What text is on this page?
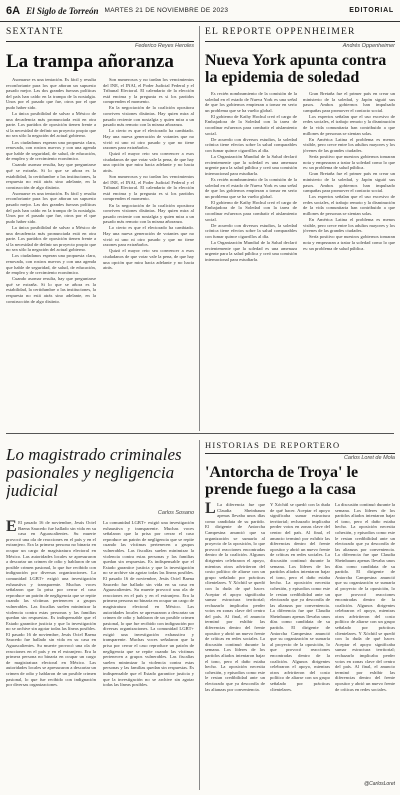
6A El Siglo de Torreón MARTES 21 DE NOVIEMBRE DE 2023	EDITORIAL
SEXTANTE
Federico Reyes Heroles
La trampa añoranza

Asomarse es una tentación. Es fácil y resulta reconfortante para los que añoran un supuesto pasado mejor. Las dos grandes fuerzas políticas del país han caído en la trampa de la nostalgia. Unos por el pasado que fue, otros por el que pudo haber sido.

La única posibilidad de salvar a México de una decadencia más pronunciada está en otra parte. Los partidos de oposición tienen frente a sí la necesidad de definir un proyecto propio que no sea sólo la negación del actual gobierno.

Los ciudadanos esperan una propuesta clara, renovada, con rostros nuevos y con una agenda que hable de seguridad, de salud, de educación, de empleo y de crecimiento económico.

Cuando asomar resulta, hay que preguntarse qué se extraña. Si lo que se añora es la estabilidad, la certidumbre o las instituciones, la respuesta no está atrás sino adelante, en la construcción de algo distinto.

Asomarse es una tentación. Es fácil y resulta reconfortante para los que añoran un supuesto pasado mejor. Las dos grandes fuerzas políticas del país han caído en la trampa de la nostalgia. Unos por el pasado que fue, otros por el que pudo haber sido.

La única posibilidad de salvar a México de una decadencia más pronunciada está en otra parte. Los partidos de oposición tienen frente a sí la necesidad de definir un proyecto propio que no sea sólo la negación del actual gobierno.

Los ciudadanos esperan una propuesta clara, renovada, con rostros nuevos y con una agenda que hable de seguridad, de salud, de educación, de empleo y de crecimiento económico.

Cuando asomar resulta, hay que preguntarse qué se extraña. Si lo que se añora es la estabilidad, la certidumbre o las instituciones, la respuesta no está atrás sino adelante, en la construcción de algo distinto.

Son numerosos y no tardan los vencimientos del INE, el INAI, el Poder Judicial Federal y el Tribunal Electoral. El calendario de la elección está encima y la pregunta es si los partidos comprenden el momento.

En la negociación de la coalición opositora conviven visiones distintas. Hay quien mira al pasado reciente con nostalgia y quien mira a un pasado más remoto con la misma añoranza.

Lo cierto es que el electorado ha cambiado. Hay una nueva generación de votantes que no vivió ni uno ni otro pasado y que no tiene razones para extrañarlos.

Quizá el mayor reto sea convencer a esos ciudadanos de que votar vale la pena, de que hay una opción que mira hacia adelante y no hacia atrás.

Son numerosos y no tardan los vencimientos del INE, el INAI, el Poder Judicial Federal y el Tribunal Electoral. El calendario de la elección está encima y la pregunta es si los partidos comprenden el momento.

En la negociación de la coalición opositora conviven visiones distintas. Hay quien mira al pasado reciente con nostalgia y quien mira a un pasado más remoto con la misma añoranza.

Lo cierto es que el electorado ha cambiado. Hay una nueva generación de votantes que no vivió ni uno ni otro pasado y que no tiene razones para extrañarlos.

Quizá el mayor reto sea convencer a esos ciudadanos de que votar vale la pena, de que hay una opción que mira hacia adelante y no hacia atrás.

EL REPORTE OPPENHEIMER
Andrés Oppenheimer
Nueva York apunta contra la epidemia de soledad

Es recién nombramiento de la comisión de la soledad en el estado de Nueva York es una señal de que los gobiernos empiezan a tomar en serio un problema que se ha vuelto global.

El gobierno de Kathy Hochul creó el cargo de Embajadora de la Soledad con la tarea de coordinar esfuerzos para combatir el aislamiento social.

De acuerdo con diversos estudios, la soledad crónica tiene efectos sobre la salud comparables con fumar quince cigarrillos al día.

La Organización Mundial de la Salud declaró recientemente que la soledad es una amenaza urgente para la salud pública y creó una comisión internacional para estudiarla.

Es recién nombramiento de la comisión de la soledad en el estado de Nueva York es una señal de que los gobiernos empiezan a tomar en serio un problema que se ha vuelto global.

El gobierno de Kathy Hochul creó el cargo de Embajadora de la Soledad con la tarea de coordinar esfuerzos para combatir el aislamiento social.

De acuerdo con diversos estudios, la soledad crónica tiene efectos sobre la salud comparables con fumar quince cigarrillos al día.

La Organización Mundial de la Salud declaró recientemente que la soledad es una amenaza urgente para la salud pública y creó una comisión internacional para estudiarla.

Gran Bretaña fue el primer país en crear un ministerio de la soledad, y Japón siguió sus pasos. Ambos gobiernos han impulsado campañas para promover el contacto social.

Los expertos señalan que el uso excesivo de redes sociales, el trabajo remoto y la disminución de la vida comunitaria han contribuido a que millones de personas se sientan solas.

En América Latina el problema es menos visible, pero crece entre los adultos mayores y los jóvenes de las grandes ciudades.

Sería positivo que nuestros gobiernos tomaran nota y empezaran a tratar la soledad como lo que es: un problema de salud pública.

Gran Bretaña fue el primer país en crear un ministerio de la soledad, y Japón siguió sus pasos. Ambos gobiernos han impulsado campañas para promover el contacto social.

Los expertos señalan que el uso excesivo de redes sociales, el trabajo remoto y la disminución de la vida comunitaria han contribuido a que millones de personas se sientan solas.

En América Latina el problema es menos visible, pero crece entre los adultos mayores y los jóvenes de las grandes ciudades.

Sería positivo que nuestros gobiernos tomaran nota y empezaran a tratar la soledad como lo que es: un problema de salud pública.

Lo magistrado criminales pasionales y negligencia judicial
Carlos Sosano
E El pasado 16 de noviembre, Jesús Ociel Baena Saucedo fue hallado sin vida en su casa en Aguascalientes. Su muerte provocó una ola de reacciones en el país y en el extranjero. Era la primera persona no binaria en ocupar un cargo de magistratura electoral en México. Las autoridades locales se apresuraron a descartar un crimen de odio y hablaron de un posible crimen pasional, lo que fue recibido con indignación por diversas organizaciones. La comunidad LGBT+ exigió una investigación exhaustiva y transparente. Muchas voces señalaron que la prisa por cerrar el caso reproduce un patrón de negligencia que se repite cuando las víctimas pertenecen a grupos vulnerables. Las fiscalías suelen minimizar la violencia contra estas personas y las familias quedan sin respuestas. Es indispensable que el Estado garantice justicia y que la investigación no se archive sin agotar todas las líneas posibles. El pasado 16 de noviembre, Jesús Ociel Baena Saucedo fue hallado sin vida en su casa en Aguascalientes. Su muerte provocó una ola de reacciones en el país y en el extranjero. Era la primera persona no binaria en ocupar un cargo de magistratura electoral en México. Las autoridades locales se apresuraron a descartar un crimen de odio y hablaron de un posible crimen pasional, lo que fue recibido con indignación por diversas organizaciones.
La comunidad LGBT+ exigió una investigación exhaustiva y transparente. Muchas voces señalaron que la prisa por cerrar el caso reproduce un patrón de negligencia que se repite cuando las víctimas pertenecen a grupos vulnerables. Las fiscalías suelen minimizar la violencia contra estas personas y las familias quedan sin respuestas. Es indispensable que el Estado garantice justicia y que la investigación no se archive sin agotar todas las líneas posibles. El pasado 16 de noviembre, Jesús Ociel Baena Saucedo fue hallado sin vida en su casa en Aguascalientes. Su muerte provocó una ola de reacciones en el país y en el extranjero. Era la primera persona no binaria en ocupar un cargo de magistratura electoral en México. Las autoridades locales se apresuraron a descartar un crimen de odio y hablaron de un posible crimen pasional, lo que fue recibido con indignación por diversas organizaciones. La comunidad LGBT+ exigió una investigación exhaustiva y transparente. Muchas voces señalaron que la prisa por cerrar el caso reproduce un patrón de negligencia que se repite cuando las víctimas pertenecen a grupos vulnerables. Las fiscalías suelen minimizar la violencia contra estas personas y las familias quedan sin respuestas. Es indispensable que el Estado garantice justicia y que la investigación no se archive sin agotar todas las líneas posibles.
HISTORIAS DE REPORTERO
Carlos Loret de Mola
'Antorcha de Troya' le prende fuego a la casa
L La diferencia fue que Claudia Sheinbaum apenas llevaba unos días como candidata de su partido. El dirigente de Antorcha Campesina anunció que su organización se sumaría al proyecto de la oposición, lo que provocó reacciones encontradas dentro de la coalición. Algunos dirigentes celebraron el apoyo, mientras otros advirtieron del costo político de aliarse con un grupo señalado por prácticas clientelares. Y Xóchitl se quedó con la duda de qué hacer. Aceptar el apoyo significaba sumar estructura territorial; rechazarlo implicaba perder votos en zonas clave del centro del país. Al final, el anuncio terminó por exhibir las diferencias dentro del frente opositor y abrió un nuevo frente de críticas en redes sociales. La discusión continuó durante la semana. Los líderes de los partidos aliados intentaron bajar el tono, pero el daño estaba hecho. La oposición necesita cohesión, y episodios como este le restan credibilidad ante un electorado que ya desconfía de las alianzas por conveniencia.
Y Xóchitl se quedó con la duda de qué hacer. Aceptar el apoyo significaba sumar estructura territorial; rechazarlo implicaba perder votos en zonas clave del centro del país. Al final, el anuncio terminó por exhibir las diferencias dentro del frente opositor y abrió un nuevo frente de críticas en redes sociales. La discusión continuó durante la semana. Los líderes de los partidos aliados intentaron bajar el tono, pero el daño estaba hecho. La oposición necesita cohesión, y episodios como este le restan credibilidad ante un electorado que ya desconfía de las alianzas por conveniencia. La diferencia fue que Claudia Sheinbaum apenas llevaba unos días como candidata de su partido. El dirigente de Antorcha Campesina anunció que su organización se sumaría al proyecto de la oposición, lo que provocó reacciones encontradas dentro de la coalición. Algunos dirigentes celebraron el apoyo, mientras otros advirtieron del costo político de aliarse con un grupo señalado por prácticas clientelares.
La discusión continuó durante la semana. Los líderes de los partidos aliados intentaron bajar el tono, pero el daño estaba hecho. La oposición necesita cohesión, y episodios como este le restan credibilidad ante un electorado que ya desconfía de las alianzas por conveniencia. La diferencia fue que Claudia Sheinbaum apenas llevaba unos días como candidata de su partido. El dirigente de Antorcha Campesina anunció que su organización se sumaría al proyecto de la oposición, lo que provocó reacciones encontradas dentro de la coalición. Algunos dirigentes celebraron el apoyo, mientras otros advirtieron del costo político de aliarse con un grupo señalado por prácticas clientelares. Y Xóchitl se quedó con la duda de qué hacer. Aceptar el apoyo significaba sumar estructura territorial; rechazarlo implicaba perder votos en zonas clave del centro del país. Al final, el anuncio terminó por exhibir las diferencias dentro del frente opositor y abrió un nuevo frente de críticas en redes sociales.
@CarlosLoret
